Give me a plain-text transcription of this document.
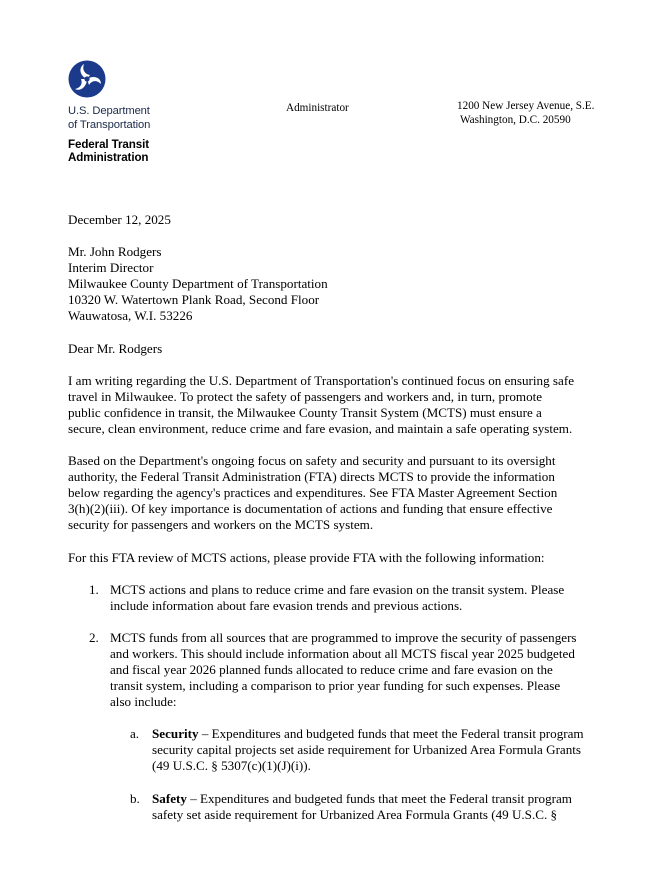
U.S. Department
of Transportation
Federal Transit
Administration
Administrator	1200 New Jersey Avenue, S.E.
Washington, D.C. 20590
December 12, 2025
Mr. John Rodgers
Interim Director
Milwaukee County Department of Transportation
10320 W. Watertown Plank Road, Second Floor
Wauwatosa, W.I. 53226
Dear Mr. Rodgers
I am writing regarding the U.S. Department of Transportation's continued focus on ensuring safe
travel in Milwaukee. To protect the safety of passengers and workers and, in turn, promote
public confidence in transit, the Milwaukee County Transit System (MCTS) must ensure a
secure, clean environment, reduce crime and fare evasion, and maintain a safe operating system.
Based on the Department's ongoing focus on safety and security and pursuant to its oversight
authority, the Federal Transit Administration (FTA) directs MCTS to provide the information
below regarding the agency's practices and expenditures. See FTA Master Agreement Section
3(h)(2)(iii). Of key importance is documentation of actions and funding that ensure effective
security for passengers and workers on the MCTS system.
For this FTA review of MCTS actions, please provide FTA with the following information:
1. MCTS actions and plans to reduce crime and fare evasion on the transit system. Please
include information about fare evasion trends and previous actions.
2. MCTS funds from all sources that are programmed to improve the security of passengers
and workers. This should include information about all MCTS fiscal year 2025 budgeted
and fiscal year 2026 planned funds allocated to reduce crime and fare evasion on the
transit system, including a comparison to prior year funding for such expenses. Please
also include:
a. Security – Expenditures and budgeted funds that meet the Federal transit program
security capital projects set aside requirement for Urbanized Area Formula Grants
(49 U.S.C. § 5307(c)(1)(J)(i)).
b. Safety – Expenditures and budgeted funds that meet the Federal transit program
safety set aside requirement for Urbanized Area Formula Grants (49 U.S.C. §
